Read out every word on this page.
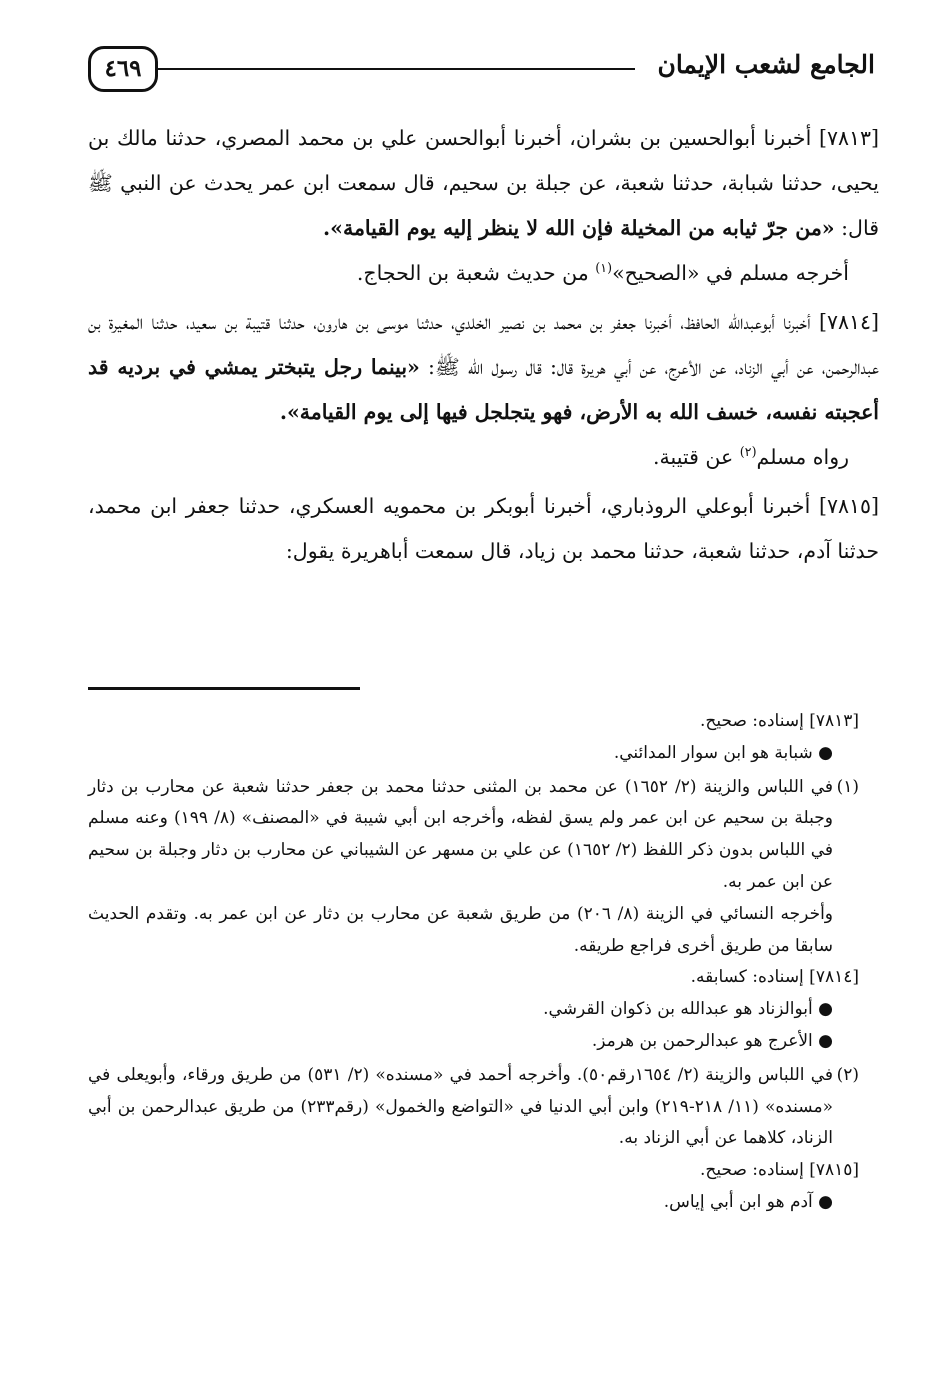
الجامع لشعب الإيمان
٤٦٩

[٧٨١٣] أخبرنا أبوالحسين بن بشران، أخبرنا أبوالحسن علي بن محمد المصري، حدثنا مالك بن يحيى، حدثنا شبابة، حدثنا شعبة، عن جبلة بن سحيم، قال سمعت ابن عمر يحدث عن النبي ﷺ قال: «من جرّ ثيابه من المخيلة فإن الله لا ينظر إليه يوم القيامة».

أخرجه مسلم في «الصحيح»$^{(١)}$ من حديث شعبة بن الحجاج.

[٧٨١٤] أخبرنا أبوعبدالله الحافظ، أخبرنا جعفر بن محمد بن نصير الخلدي، حدثنا موسى بن هارون، حدثنا قتيبة بن سعيد، حدثنا المغيرة بن عبدالرحمن، عن أبي الزناد، عن الأعرج، عن أبي هريرة قال: قال رسول الله ﷺ: «بينما رجل يتبختر يمشي في برديه قد أعجبته نفسه، خسف الله به الأرض، فهو يتجلجل فيها إلى يوم القيامة».

رواه مسلم$^{(٢)}$ عن قتيبة.

[٧٨١٥] أخبرنا أبوعلي الروذباري، أخبرنا أبوبكر بن محمويه العسكري، حدثنا جعفر ابن محمد، حدثنا آدم، حدثنا شعبة، حدثنا محمد بن زياد، قال سمعت أباهريرة يقول:

[٧٨١٣] إسناده: صحيح.

● شبابة هو ابن سوار المدائني.

(١)

في اللباس والزينة (٢/ ١٦٥٢) عن محمد بن المثنى حدثنا محمد بن جعفر حدثنا شعبة عن محارب بن دثار وجبلة بن سحيم عن ابن عمر ولم يسق لفظه، وأخرجه ابن أبي شيبة في «المصنف» (٨/ ١٩٩) وعنه مسلم في اللباس بدون ذكر اللفظ (٢/ ١٦٥٢) عن علي بن مسهر عن الشيباني عن محارب بن دثار وجبلة بن سحيم عن ابن عمر به.

وأخرجه النسائي في الزينة (٨/ ٢٠٦) من طريق شعبة عن محارب بن دثار عن ابن عمر به. وتقدم الحديث سابقا من طريق أخرى فراجع طريقه.

[٧٨١٤] إسناده: كسابقه.

● أبوالزناد هو عبدالله بن ذكوان القرشي.

● الأعرج هو عبدالرحمن بن هرمز.

(٢)

في اللباس والزينة (٢/ ١٦٥٤رقم٥٠). وأخرجه أحمد في «مسنده» (٢/ ٥٣١) من طريق ورقاء، وأبويعلى في «مسنده» (١١/ ٢١٨-٢١٩) وابن أبي الدنيا في «التواضع والخمول» (رقم٢٣٣) من طريق عبدالرحمن بن أبي الزناد، كلاهما عن أبي الزناد به.

[٧٨١٥] إسناده: صحيح.

● آدم هو ابن أبي إياس.
